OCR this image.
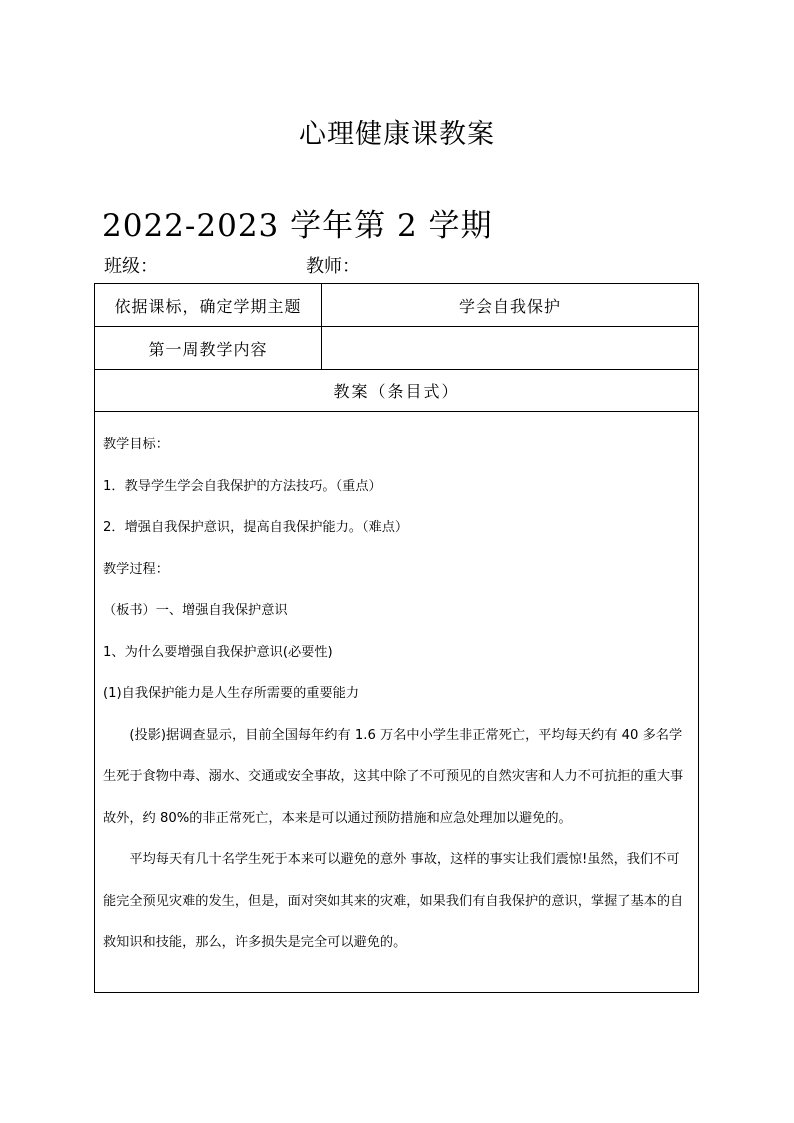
心理健康课教案
2022-2023 学年第 2 学期
班级：	教师：
依据课标，确定学期主题	学会自我保护
第一周教学内容
教案（条目式）

教学目标：

1．教导学生学会自我保护的方法技巧。（重点）

2．增强自我保护意识，提高自我保护能力。（难点）

教学过程：

（板书）一、增强自我保护意识

1、为什么要增强自我保护意识(必要性)

(1)自我保护能力是人生存所需要的重要能力

(投影)据调查显示，目前全国每年约有 1.6 万名中小学生非正常死亡，平均每天约有 40 多名学生死于食物中毒、溺水、交通或安全事故，这其中除了不可预见的自然灾害和人力不可抗拒的重大事故外，约 80%的非正常死亡，本来是可以通过预防措施和应急处理加以避免的。

平均每天有几十名学生死于本来可以避免的意外 事故，这样的事实让我们震惊!虽然，我们不可能完全预见灾难的发生，但是，面对突如其来的灾难，如果我们有自我保护的意识，掌握了基本的自救知识和技能，那么，许多损失是完全可以避免的。
